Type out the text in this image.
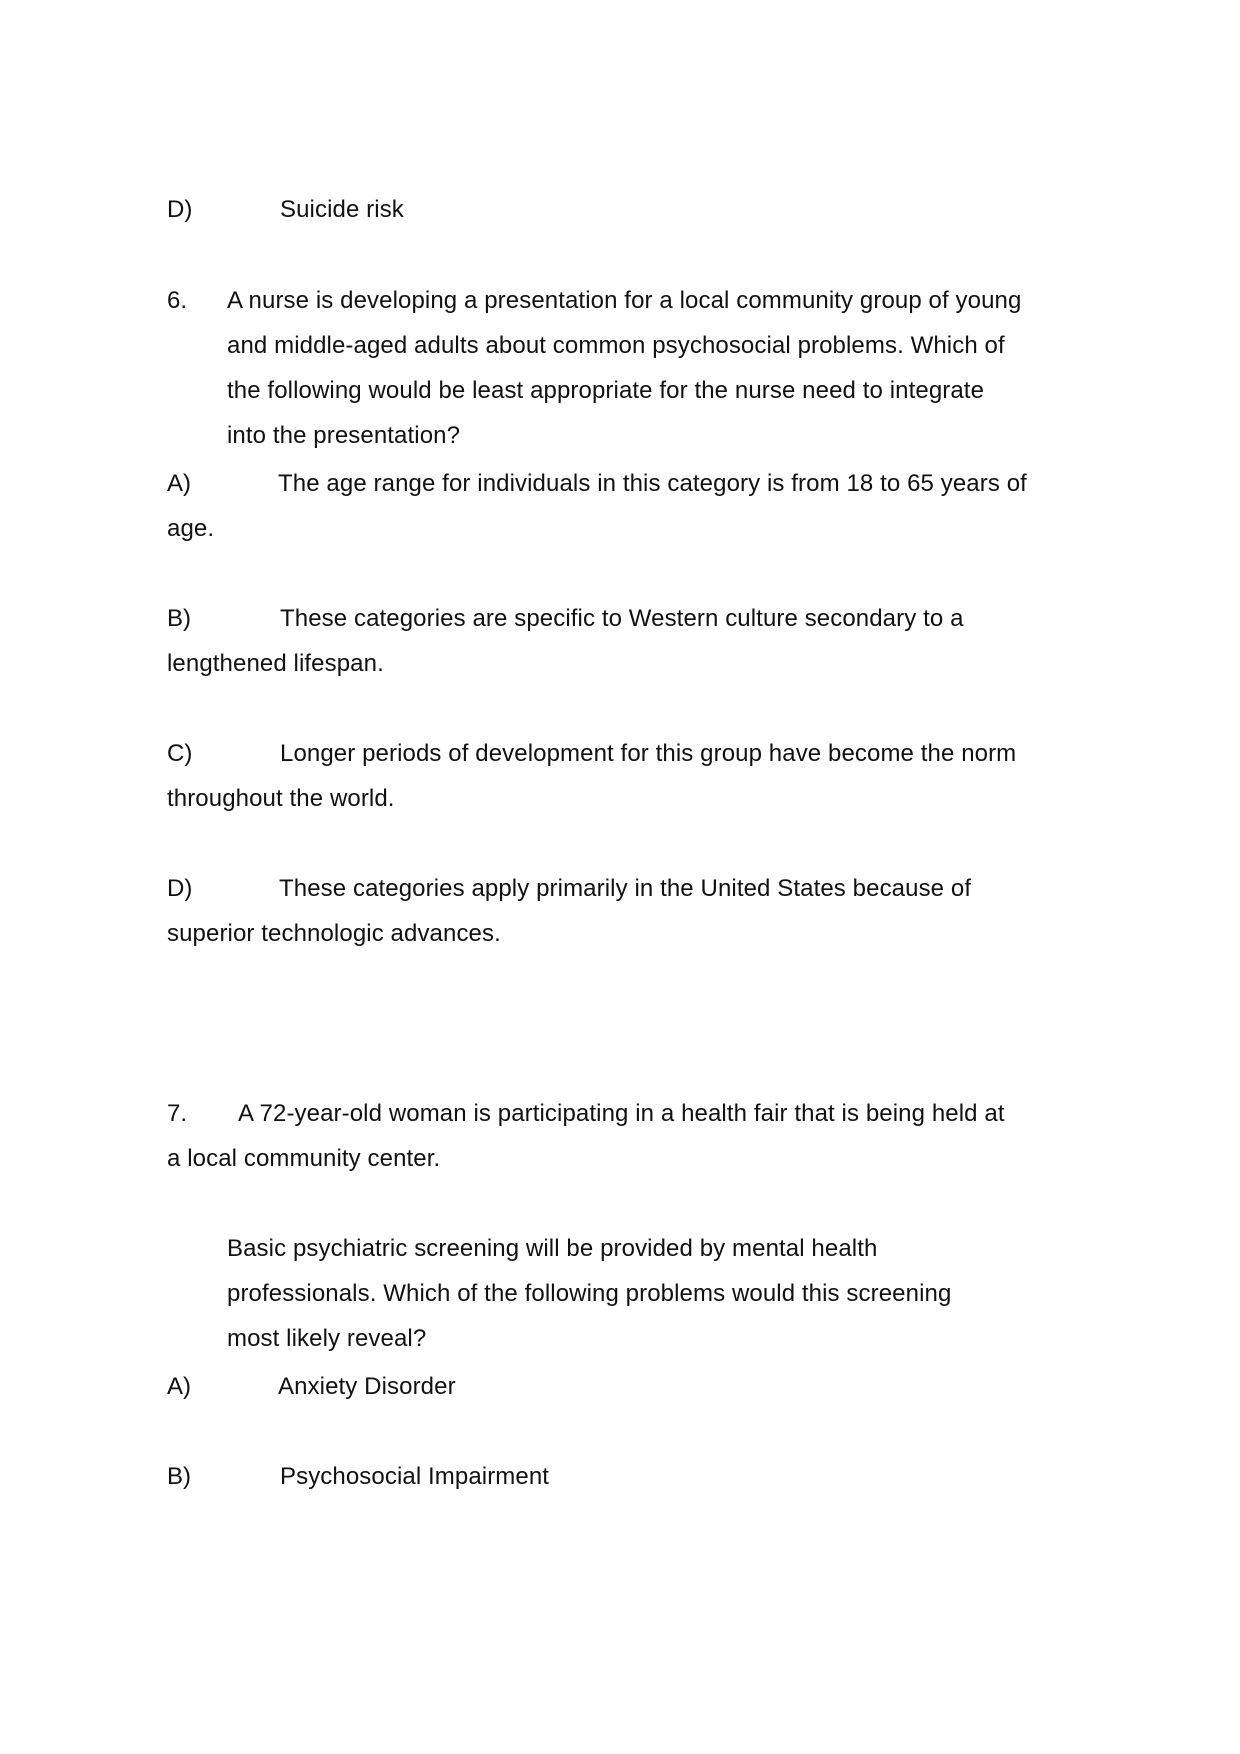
D)	Suicide risk
6. A nurse is developing a presentation for a local community group of young
and middle-aged adults about common psychosocial problems. Which of
the following would be least appropriate for the nurse need to integrate
into the presentation?
A)	The age range for individuals in this category is from 18 to 65 years of
age.
B)	These categories are specific to Western culture secondary to a
lengthened lifespan.
C)	Longer periods of development for this group have become the norm
throughout the world.
D)	These categories apply primarily in the United States because of
superior technologic advances.
7. A 72-year-old woman is participating in a health fair that is being held at
a local community center.
Basic psychiatric screening will be provided by mental health
professionals. Which of the following problems would this screening
most likely reveal?
A)	Anxiety Disorder
B)	Psychosocial Impairment
